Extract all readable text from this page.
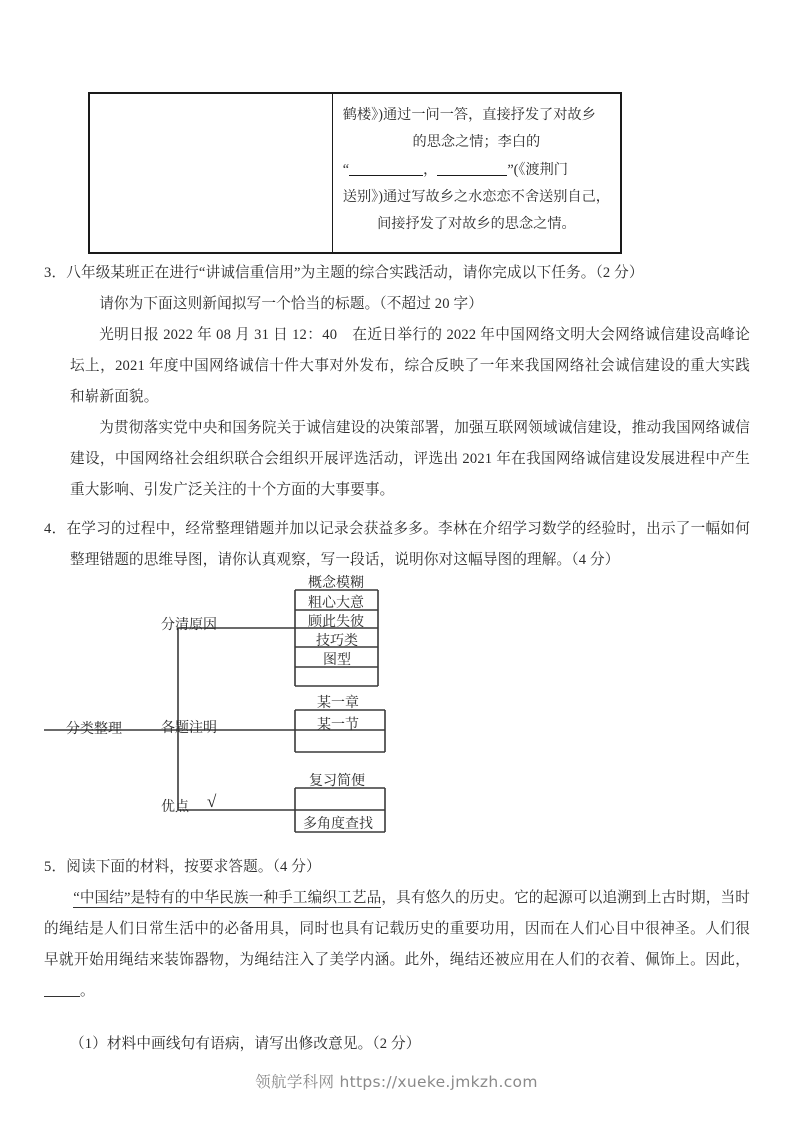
鹤楼》)通过一问一答，直接抒发了对故乡
的思念之情；李白的
“	，	”(《渡荆门
送别》)通过写故乡之水恋恋不舍送别自己，
间接抒发了对故乡的思念之情。

3．八年级某班正在进行“讲诚信重信用”为主题的综合实践活动，请你完成以下任务。（2 分）

请你为下面这则新闻拟写一个恰当的标题。（不超过 20 字）

光明日报 2022 年 08 月 31 日 12：40　在近日举行的 2022 年中国网络文明大会网络诚信建设高峰论坛上，2021 年度中国网络诚信十件大事对外发布，综合反映了一年来我国网络社会诚信建设的重大实践和崭新面貌。

为贯彻落实党中央和国务院关于诚信建设的决策部署，加强互联网领域诚信建设，推动我国网络诚信建设，中国网络社会组织联合会组织开展评选活动，评选出 2021 年在我国网络诚信建设发展进程中产生重大影响、引发广泛关注的十个方面的大事要事。

4．在学习的过程中，经常整理错题并加以记录会获益多多。李林在介绍学习数学的经验时，出示了一幅如何整理错题的思维导图，请你认真观察，写一段话，说明你对这幅导图的理解。（4 分）

分类整理
分清原因
各题注明
优点 √
概念模糊
粗心大意
顾此失彼
技巧类
图型
某一章
某一节
复习简便
多角度查找

5．阅读下面的材料，按要求答题。（4 分）

“中国结”是特有的中华民族一种手工编织工艺品，具有悠久的历史。它的起源可以追溯到上古时期，当时的绳结是人们日常生活中的必备用具，同时也具有记载历史的重要功用，因而在人们心目中很神圣。人们很早就开始用绳结来装饰器物，为绳结注入了美学内涵。此外，绳结还被应用在人们的衣着、佩饰上。因此，。

（1）材料中画线句有语病，请写出修改意见。（2 分）

领航学科网 https://xueke.jmkzh.com
